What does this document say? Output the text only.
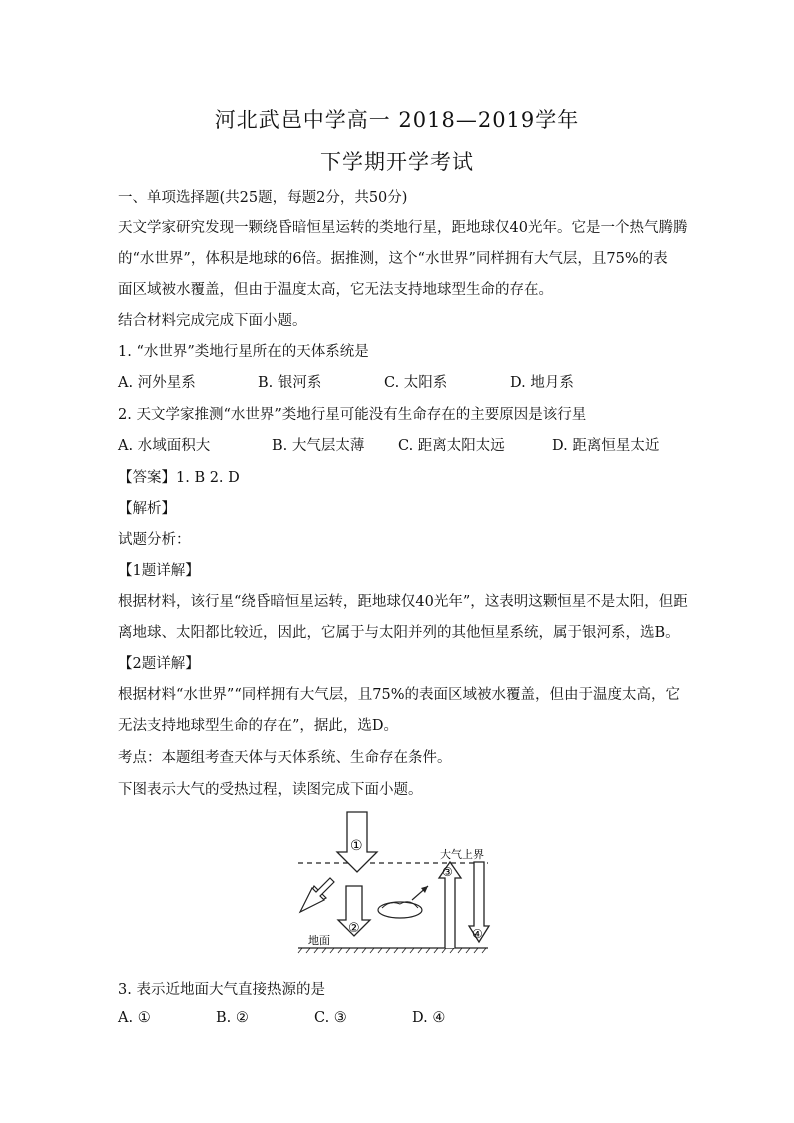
河北武邑中学高一 2018—2019学年
下学期开学考试
一、单项选择题(共25题，每题2分，共50分)
天文学家研究发现一颗绕昏暗恒星运转的类地行星，距地球仅40光年。它是一个热气腾腾
的“水世界”，体积是地球的6倍。据推测，这个“水世界”同样拥有大气层，且75%的表
面区域被水覆盖，但由于温度太高，它无法支持地球型生命的存在。
结合材料完成完成下面小题。
1. “水世界”类地行星所在的天体系统是
A. 河外星系	B. 银河系	C. 太阳系	D. 地月系
2. 天文学家推测“水世界”类地行星可能没有生命存在的主要原因是该行星
A. 水域面积大	B. 大气层太薄 C. 距离太阳太远	D. 距离恒星太近
【答案】1. B 2. D
【解析】
试题分析：
【1题详解】
根据材料，该行星“绕昏暗恒星运转，距地球仅40光年”，这表明这颗恒星不是太阳，但距
离地球、太阳都比较近，因此，它属于与太阳并列的其他恒星系统，属于银河系，选B。
【2题详解】
根据材料“水世界”“同样拥有大气层，且75%的表面区域被水覆盖，但由于温度太高，它
无法支持地球型生命的存在”，据此，选D。
考点：本题组考查天体与天体系统、生命存在条件。
下图表示大气的受热过程，读图完成下面小题。
大气上界
地面
①
②
③
④
3. 表示近地面大气直接热源的是
A. ①	B. ②	C. ③	D. ④
